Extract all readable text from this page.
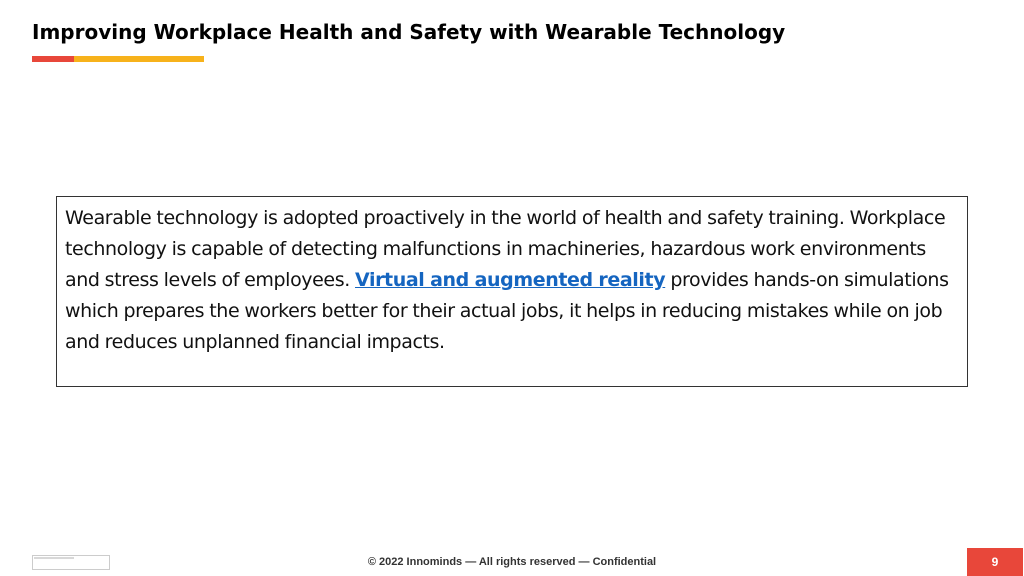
Improving Workplace Health and Safety with Wearable Technology
Wearable technology is adopted proactively in the world of health and safety training. Workplace technology is capable of detecting malfunctions in machineries, hazardous work environments and stress levels of employees. Virtual and augmented reality provides hands-on simulations which prepares the workers better for their actual jobs, it helps in reducing mistakes while on job and reduces unplanned financial impacts.
© 2022 Innominds — All rights reserved — Confidential	9
